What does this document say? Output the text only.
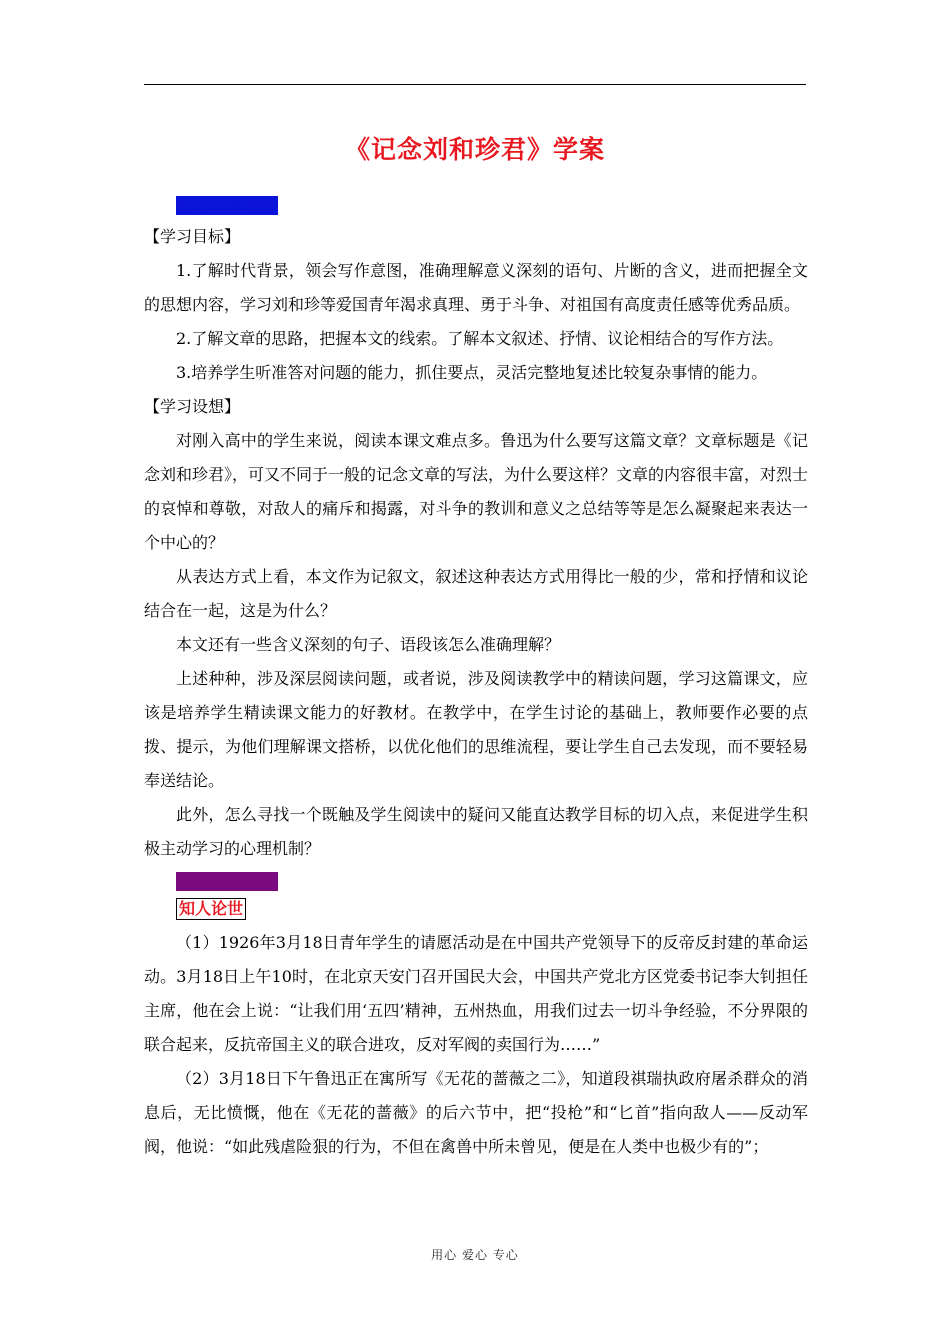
《记念刘和珍君》学案
【学习导航】

【学习目标】

1.了解时代背景，领会写作意图，准确理解意义深刻的语句、片断的含义，进而把握全文的思想内容，学习刘和珍等爱国青年渴求真理、勇于斗争、对祖国有高度责任感等优秀品质。

2.了解文章的思路，把握本文的线索。了解本文叙述、抒情、议论相结合的写作方法。

3.培养学生听准答对问题的能力，抓住要点，灵活完整地复述比较复杂事情的能力。

【学习设想】

对刚入高中的学生来说，阅读本课文难点多。鲁迅为什么要写这篇文章？文章标题是《记念刘和珍君》，可又不同于一般的记念文章的写法，为什么要这样？文章的内容很丰富，对烈士的哀悼和尊敬，对敌人的痛斥和揭露，对斗争的教训和意义之总结等等是怎么凝聚起来表达一个中心的？

从表达方式上看，本文作为记叙文，叙述这种表达方式用得比一般的少，常和抒情和议论结合在一起，这是为什么？

本文还有一些含义深刻的句子、语段该怎么准确理解？

上述种种，涉及深层阅读问题，或者说，涉及阅读教学中的精读问题，学习这篇课文，应该是培养学生精读课文能力的好教材。在教学中，在学生讨论的基础上，教师要作必要的点拨、提示，为他们理解课文搭桥，以优化他们的思维流程，要让学生自己去发现，而不要轻易奉送结论。

此外，怎么寻找一个既触及学生阅读中的疑问又能直达教学目标的切入点，来促进学生积极主动学习的心理机制？

【学习过程】
知人论世

（1）1926年3月18日青年学生的请愿活动是在中国共产党领导下的反帝反封建的革命运动。3月18日上午10时，在北京天安门召开国民大会，中国共产党北方区党委书记李大钊担任主席，他在会上说：“让我们用‘五四’精神，五州热血，用我们过去一切斗争经验，不分界限的联合起来，反抗帝国主义的联合进攻，反对军阀的卖国行为……”

（2）3月18日下午鲁迅正在寓所写《无花的蔷薇之二》，知道段祺瑞执政府屠杀群众的消息后，无比愤慨，他在《无花的蔷薇》的后六节中，把“投枪”和“匕首”指向敌人——反动军阀，他说：“如此残虐险狠的行为，不但在禽兽中所未曾见，便是在人类中也极少有的”；

用心 爱心 专心
